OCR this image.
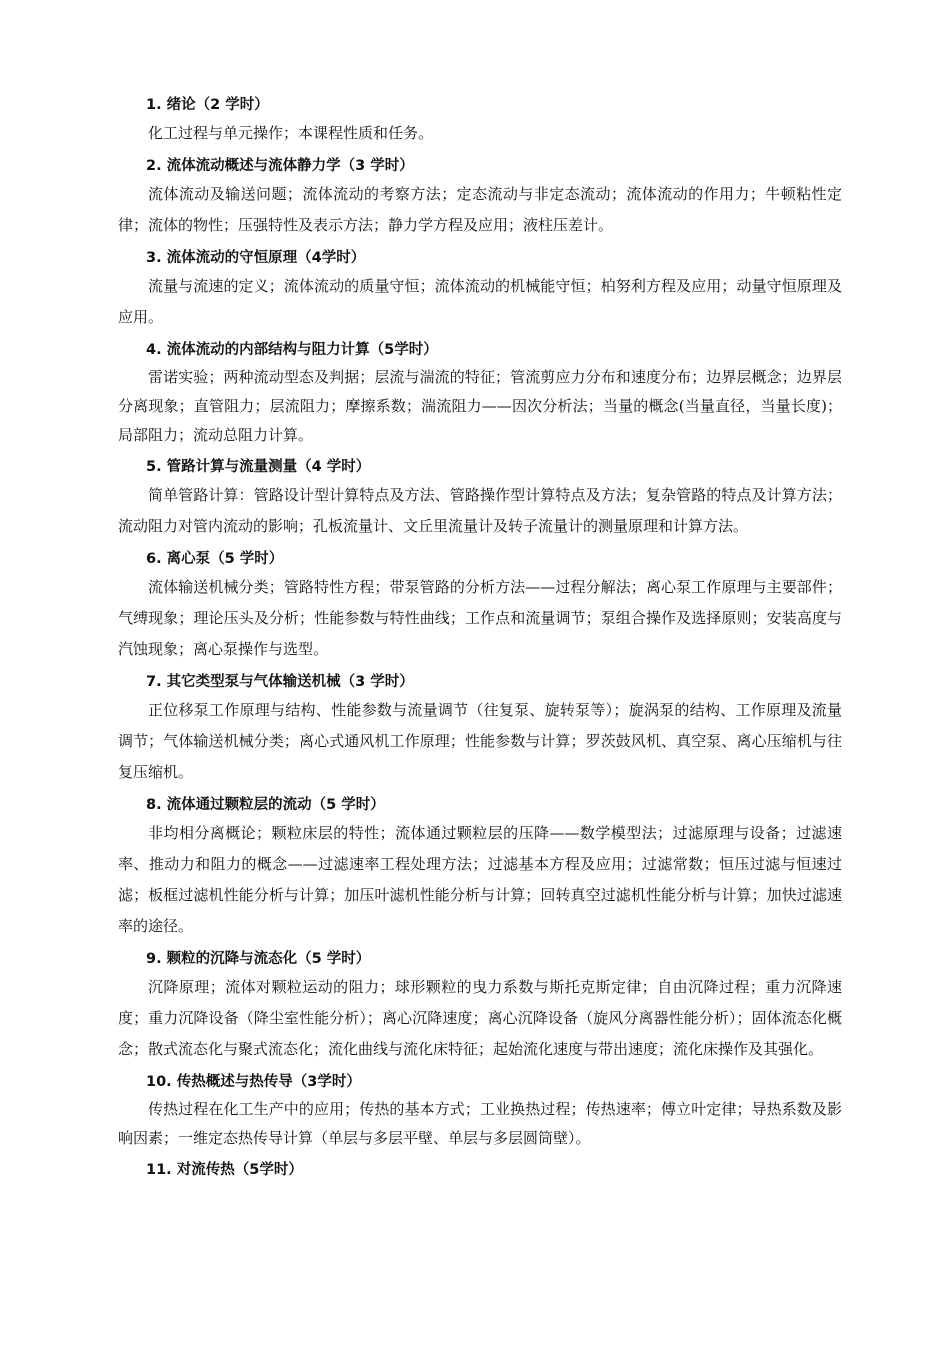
1. 绪论（2 学时）

化工过程与单元操作；本课程性质和任务。

2. 流体流动概述与流体静力学（3 学时）

流体流动及输送问题；流体流动的考察方法；定态流动与非定态流动；流体流动的作用力；牛顿粘性定律；流体的物性；压强特性及表示方法；静力学方程及应用；液柱压差计。

3. 流体流动的守恒原理（4学时）

流量与流速的定义；流体流动的质量守恒；流体流动的机械能守恒；柏努利方程及应用；动量守恒原理及应用。

4. 流体流动的内部结构与阻力计算（5学时）

雷诺实验；两种流动型态及判据；层流与湍流的特征；管流剪应力分布和速度分布；边界层概念；边界层分离现象；直管阻力；层流阻力；摩擦系数；湍流阻力——因次分析法；当量的概念(当量直径，当量长度)；局部阻力；流动总阻力计算。

5. 管路计算与流量测量（4 学时）

简单管路计算：管路设计型计算特点及方法、管路操作型计算特点及方法；复杂管路的特点及计算方法；流动阻力对管内流动的影响；孔板流量计、文丘里流量计及转子流量计的测量原理和计算方法。

6. 离心泵（5 学时）

流体输送机械分类；管路特性方程；带泵管路的分析方法——过程分解法；离心泵工作原理与主要部件；气缚现象；理论压头及分析；性能参数与特性曲线；工作点和流量调节；泵组合操作及选择原则；安装高度与汽蚀现象；离心泵操作与选型。

7. 其它类型泵与气体输送机械（3 学时）

正位移泵工作原理与结构、性能参数与流量调节（往复泵、旋转泵等）；旋涡泵的结构、工作原理及流量调节；气体输送机械分类；离心式通风机工作原理；性能参数与计算；罗茨鼓风机、真空泵、离心压缩机与往复压缩机。

8. 流体通过颗粒层的流动（5 学时）

非均相分离概论；颗粒床层的特性；流体通过颗粒层的压降——数学模型法；过滤原理与设备；过滤速率、推动力和阻力的概念——过滤速率工程处理方法；过滤基本方程及应用；过滤常数；恒压过滤与恒速过滤；板框过滤机性能分析与计算；加压叶滤机性能分析与计算；回转真空过滤机性能分析与计算；加快过滤速率的途径。

9. 颗粒的沉降与流态化（5 学时）

沉降原理；流体对颗粒运动的阻力；球形颗粒的曳力系数与斯托克斯定律；自由沉降过程；重力沉降速度；重力沉降设备（降尘室性能分析）；离心沉降速度；离心沉降设备（旋风分离器性能分析）；固体流态化概念；散式流态化与聚式流态化；流化曲线与流化床特征；起始流化速度与带出速度；流化床操作及其强化。

10. 传热概述与热传导（3学时）

传热过程在化工生产中的应用；传热的基本方式；工业换热过程；传热速率；傅立叶定律；导热系数及影响因素；一维定态热传导计算（单层与多层平壁、单层与多层圆筒壁）。

11. 对流传热（5学时）
